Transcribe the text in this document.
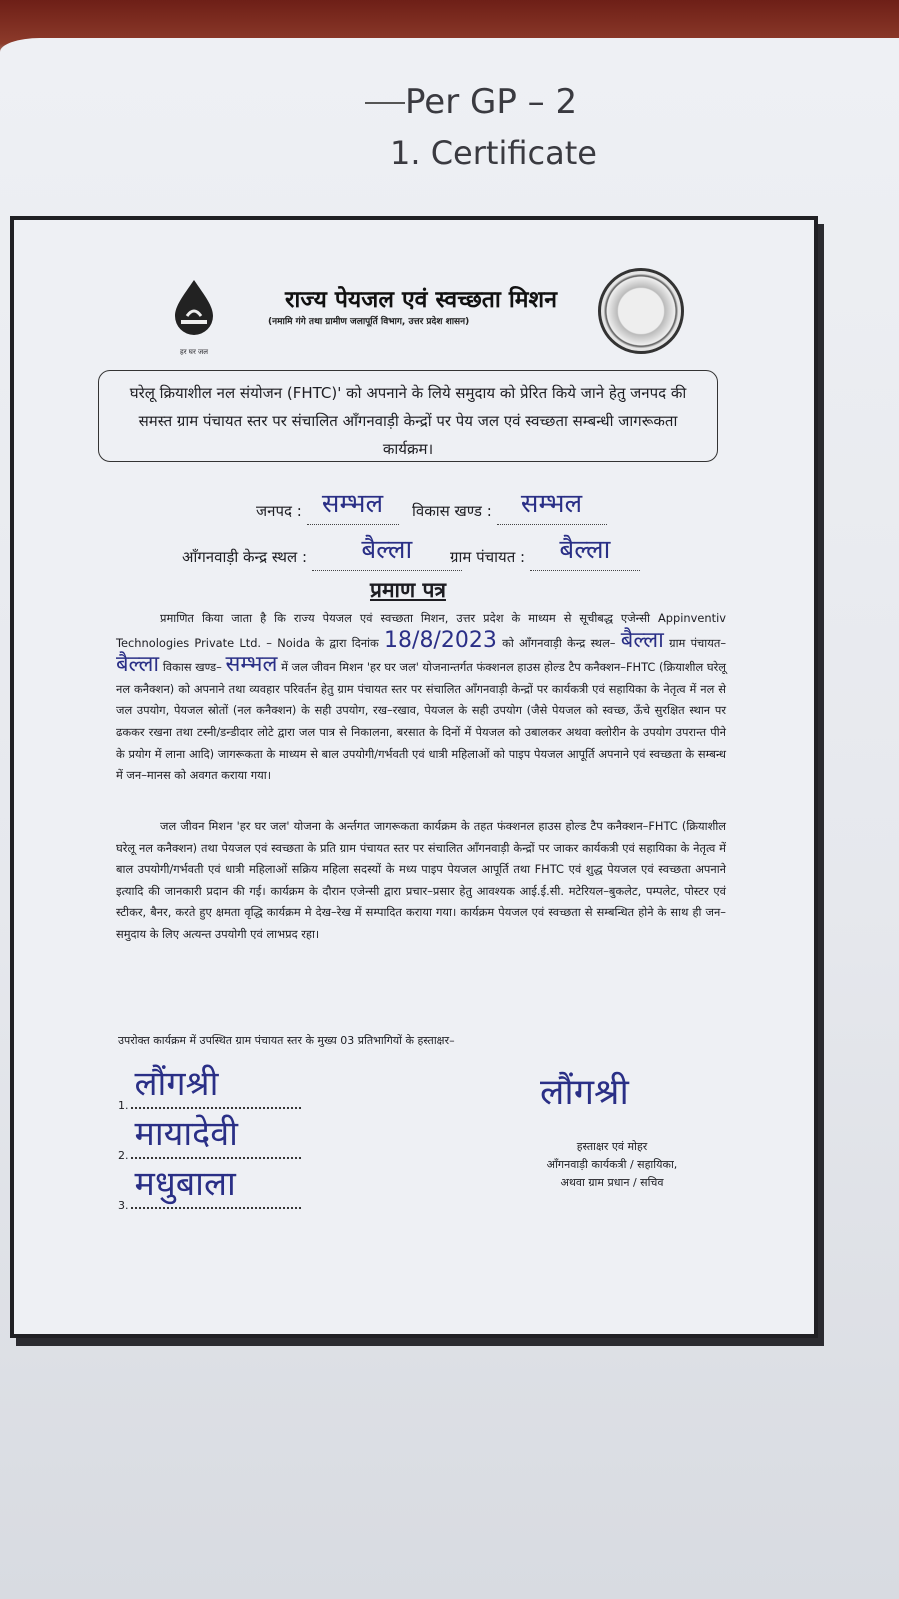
Per GP – 2
1. Certificate
हर घर जल
राज्य पेयजल एवं स्वच्छता मिशन
(नमामि गंगे तथा ग्रामीण जलापूर्ति विभाग, उत्तर प्रदेश शासन)
घरेलू क्रियाशील नल संयोजन (FHTC)' को अपनाने के लिये समुदाय को प्रेरित किये जाने हेतु जनपद की समस्त ग्राम पंचायत स्तर पर संचालित आँगनवाड़ी केन्द्रों पर पेय जल एवं स्वच्छता सम्बन्धी जागरूकता कार्यक्रम।
जनपद : सम्भल	विकास खण्ड : सम्भल
आँगनवाड़ी केन्द्र स्थल : बैल्ला	ग्राम पंचायत : बैल्ला
प्रमाण पत्र
प्रमाणित किया जाता है कि राज्य पेयजल एवं स्वच्छता मिशन, उत्तर प्रदेश के माध्यम से सूचीबद्ध एजेन्सी Appinventiv Technologies Private Ltd. – Noida के द्वारा दिनांक 18/8/2023 को आँगनवाड़ी केन्द्र स्थल– बैल्ला ग्राम पंचायत– बैल्ला विकास खण्ड– सम्भल में जल जीवन मिशन 'हर घर जल' योजनान्तर्गत फंक्शनल हाउस होल्ड टैप कनैक्शन–FHTC (क्रियाशील घरेलू नल कनैक्शन) को अपनाने तथा व्यवहार परिवर्तन हेतु ग्राम पंचायत स्तर पर संचालित आँगनवाड़ी केन्द्रों पर कार्यकत्री एवं सहायिका के नेतृत्व में नल से जल उपयोग, पेयजल स्रोतों (नल कनैक्शन) के सही उपयोग, रख–रखाव, पेयजल के सही उपयोग (जैसे पेयजल को स्वच्छ, ऊँचे सुरक्षित स्थान पर ढककर रखना तथा टस्नी/डन्डीदार लोटे द्वारा जल पात्र से निकालना, बरसात के दिनों में पेयजल को उबालकर अथवा क्लोरीन के उपयोग उपरान्त पीने के प्रयोग में लाना आदि) जागरूकता के माध्यम से बाल उपयोगी/गर्भवती एवं धात्री महिलाओं को पाइप पेयजल आपूर्ति अपनाने एवं स्वच्छता के सम्बन्ध में जन–मानस को अवगत कराया गया।
जल जीवन मिशन 'हर घर जल' योजना के अर्न्तगत जागरूकता कार्यक्रम के तहत फंक्शनल हाउस होल्ड टैप कनैक्शन–FHTC (क्रियाशील घरेलू नल कनैक्शन) तथा पेयजल एवं स्वच्छता के प्रति ग्राम पंचायत स्तर पर संचालित आँगनवाड़ी केन्द्रों पर जाकर कार्यकत्री एवं सहायिका के नेतृत्व में बाल उपयोगी/गर्भवती एवं धात्री महिलाओं सक्रिय महिला सदस्यों के मध्य पाइप पेयजल आपूर्ति तथा FHTC एवं शुद्ध पेयजल एवं स्वच्छता अपनाने इत्यादि की जानकारी प्रदान की गई। कार्यक्रम के दौरान एजेन्सी द्वारा प्रचार–प्रसार हेतु आवश्यक आई.ई.सी. मटेरियल–बुकलेट, पम्पलेट, पोस्टर एवं स्टीकर, बैनर, करते हुए क्षमता वृद्धि कार्यक्रम मे देख–रेख में सम्पादित कराया गया। कार्यक्रम पेयजल एवं स्वच्छता से सम्बन्धित होने के साथ ही जन–समुदाय के लिए अत्यन्त उपयोगी एवं लाभप्रद रहा।
उपरोक्त कार्यक्रम में उपस्थित ग्राम पंचायत स्तर के मुख्य 03 प्रतिभागियों के हस्ताक्षर–
1.
लौंगश्री
2.
मायादेवी
3.
मधुबाला
लौंगश्री
हस्ताक्षर एवं मोहर
आँगनवाड़ी कार्यकत्री / सहायिका,
अथवा ग्राम प्रधान / सचिव
